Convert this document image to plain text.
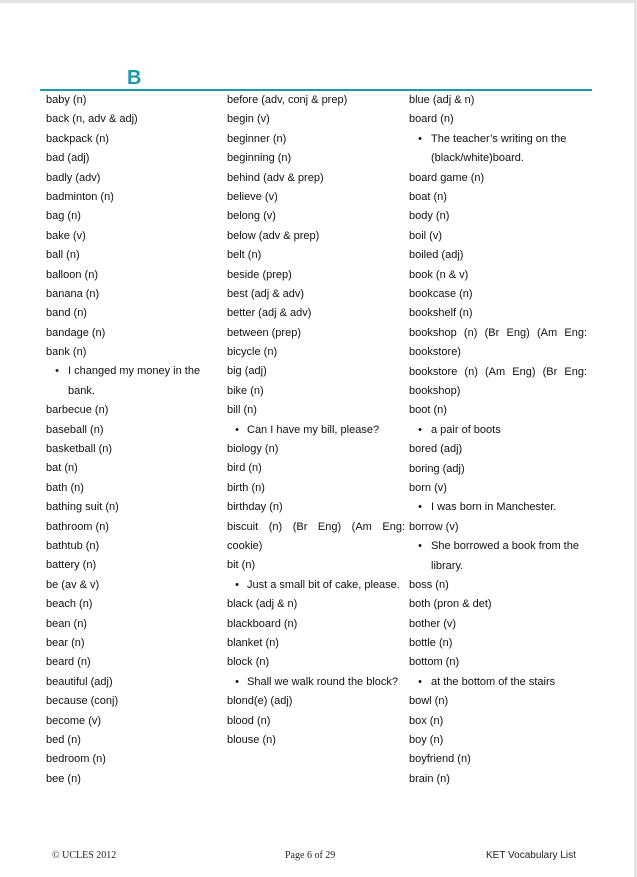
B
baby (n)
back (n, adv & adj)
backpack (n)
bad (adj)
badly (adv)
badminton (n)
bag (n)
bake (v)
ball (n)
balloon (n)
banana (n)
band (n)
bandage (n)
bank (n)
• I changed my money in the bank.
barbecue (n)
baseball (n)
basketball (n)
bat (n)
bath (n)
bathing suit (n)
bathroom (n)
bathtub (n)
battery (n)
be (av & v)
beach (n)
bean (n)
bear (n)
beard (n)
beautiful (adj)
because (conj)
become (v)
bed (n)
bedroom (n)
bee (n)
before (adv, conj & prep)
begin (v)
beginner (n)
beginning (n)
behind (adv & prep)
believe (v)
belong (v)
below (adv & prep)
belt (n)
beside (prep)
best (adj & adv)
better (adj & adv)
between (prep)
bicycle (n)
big (adj)
bike (n)
bill (n)
• Can I have my bill, please?
biology (n)
bird (n)
birth (n)
birthday (n)
biscuit (n) (Br Eng) (Am Eng: cookie)
bit (n)
• Just a small bit of cake, please.
black (adj & n)
blackboard (n)
blanket (n)
block (n)
• Shall we walk round the block?
blond(e) (adj)
blood (n)
blouse (n)
blue (adj & n)
board (n)
• The teacher’s writing on the (black/white)board.
board game (n)
boat (n)
body (n)
boil (v)
boiled (adj)
book (n & v)
bookcase (n)
bookshelf (n)
bookshop (n) (Br Eng) (Am Eng: bookstore)
bookstore (n) (Am Eng) (Br Eng: bookshop)
boot (n)
• a pair of boots
bored (adj)
boring (adj)
born (v)
• I was born in Manchester.
borrow (v)
• She borrowed a book from the library.
boss (n)
both (pron & det)
bother (v)
bottle (n)
bottom (n)
• at the bottom of the stairs
bowl (n)
box (n)
boy (n)
boyfriend (n)
brain (n)
© UCLES 2012	Page 6 of 29	KET Vocabulary List
